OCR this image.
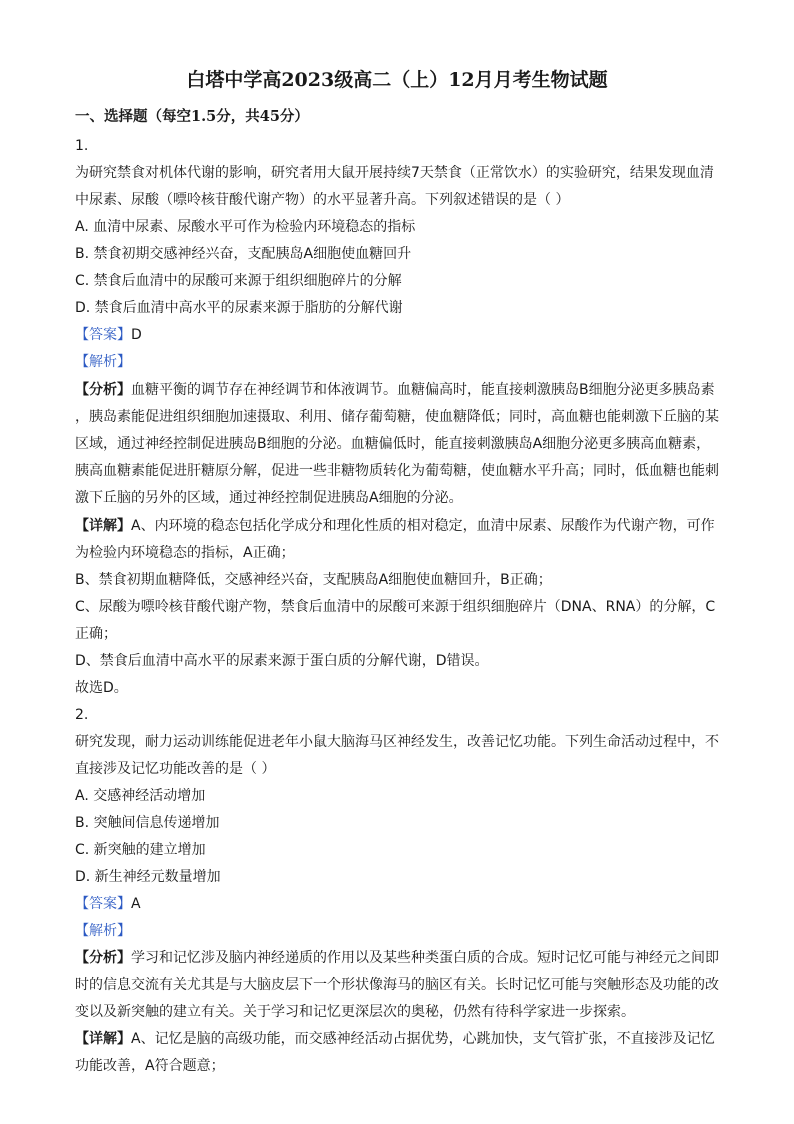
白塔中学高2023级高二（上）12月月考生物试题
一、选择题（每空1.5分，共45分）
1.
为研究禁食对机体代谢的影响，研究者用大鼠开展持续7天禁食（正常饮水）的实验研究，结果发现血清
中尿素、尿酸（嘌呤核苷酸代谢产物）的水平显著升高。下列叙述错误的是（ ）
A. 血清中尿素、尿酸水平可作为检验内环境稳态的指标
B. 禁食初期交感神经兴奋，支配胰岛A细胞使血糖回升
C. 禁食后血清中的尿酸可来源于组织细胞碎片的分解
D. 禁食后血清中高水平的尿素来源于脂肪的分解代谢
【答案】D
【解析】
【分析】血糖平衡的调节存在神经调节和体液调节。血糖偏高时，能直接刺激胰岛B细胞分泌更多胰岛素
，胰岛素能促进组织细胞加速摄取、利用、储存葡萄糖，使血糖降低；同时，高血糖也能刺激下丘脑的某
区域，通过神经控制促进胰岛B细胞的分泌。血糖偏低时，能直接刺激胰岛A细胞分泌更多胰高血糖素，
胰高血糖素能促进肝糖原分解，促进一些非糖物质转化为葡萄糖，使血糖水平升高；同时，低血糖也能刺
激下丘脑的另外的区域，通过神经控制促进胰岛A细胞的分泌。
【详解】A、内环境的稳态包括化学成分和理化性质的相对稳定，血清中尿素、尿酸作为代谢产物，可作
为检验内环境稳态的指标，A正确；
B、禁食初期血糖降低，交感神经兴奋，支配胰岛A细胞使血糖回升，B正确；
C、尿酸为嘌呤核苷酸代谢产物，禁食后血清中的尿酸可来源于组织细胞碎片（DNA、RNA）的分解，C
正确；
D、禁食后血清中高水平的尿素来源于蛋白质的分解代谢，D错误。
故选D。
2.
研究发现，耐力运动训练能促进老年小鼠大脑海马区神经发生，改善记忆功能。下列生命活动过程中，不
直接涉及记忆功能改善的是（ ）
A. 交感神经活动增加
B. 突触间信息传递增加
C. 新突触的建立增加
D. 新生神经元数量增加
【答案】A
【解析】
【分析】学习和记忆涉及脑内神经递质的作用以及某些种类蛋白质的合成。短时记忆可能与神经元之间即
时的信息交流有关尤其是与大脑皮层下一个形状像海马的脑区有关。长时记忆可能与突触形态及功能的改
变以及新突触的建立有关。关于学习和记忆更深层次的奥秘，仍然有待科学家进一步探索。
【详解】A、记忆是脑的高级功能，而交感神经活动占据优势，心跳加快，支气管扩张，不直接涉及记忆
功能改善，A符合题意；
